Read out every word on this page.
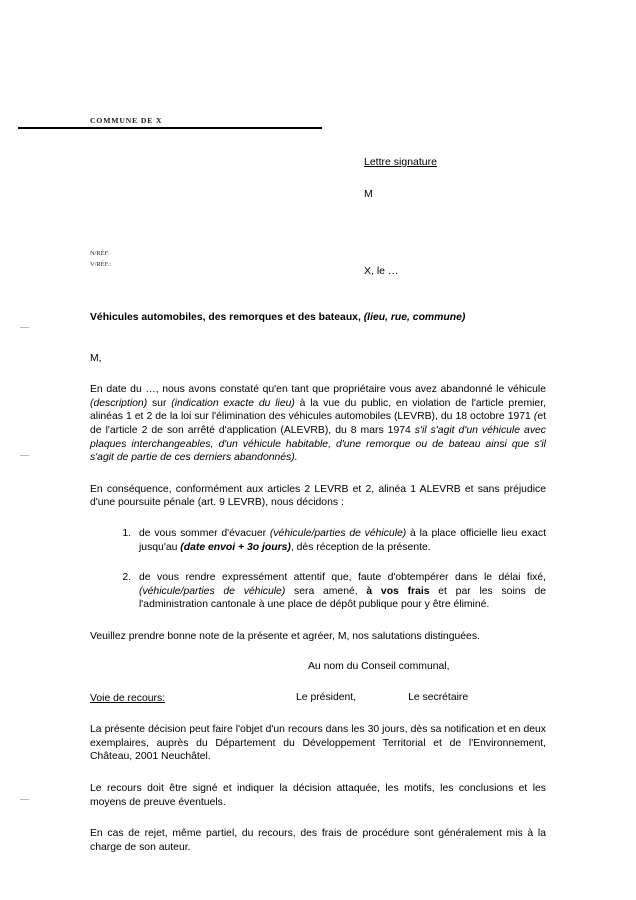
COMMUNE DE X
Lettre signature
M
X, le …
N/RÉF.
V/RÉF.:
Véhicules automobiles, des remorques et des bateaux, (lieu, rue, commune)
M,

En date du …, nous avons constaté qu'en tant que propriétaire vous avez abandonné le véhicule (description) sur (indication exacte du lieu) à la vue du public, en violation de l'article premier, alinéas 1 et 2 de la loi sur l'élimination des véhicules automobiles (LEVRB), du 18 octobre 1971 (et de l'article 2 de son arrêté d'application (ALEVRB), du 8 mars 1974 s'il s'agit d'un véhicule avec plaques interchangeables, d'un véhicule habitable, d'une remorque ou de bateau ainsi que s'il s'agit de partie de ces derniers abandonnés).

En conséquence, conformément aux articles 2 LEVRB et 2, alinéa 1 ALEVRB et sans préjudice d'une poursuite pénale (art. 9 LEVRB), nous décidons :

1. de vous sommer d'évacuer (véhicule/parties de véhicule) à la place officielle lieu exact jusqu'au (date envoi + 3o jours), dès réception de la présente.
2. de vous rendre expressément attentif que, faute d'obtempérer dans le délai fixé, (véhicule/parties de véhicule) sera amené, à vos frais et par les soins de l'administration cantonale à une place de dépôt publique pour y être éliminé.
Veuillez prendre bonne note de la présente et agréer, M, nos salutations distinguées.
Au nom du Conseil communal,
Le président,	Le secrétaire
Voie de recours:

La présente décision peut faire l'objet d'un recours dans les 30 jours, dès sa notification et en deux exemplaires, auprès du Département du Développement Territorial et de l'Environnement, Château, 2001 Neuchâtel.

Le recours doit être signé et indiquer la décision attaquée, les motifs, les conclusions et les moyens de preuve éventuels.

En cas de rejet, même partiel, du recours, des frais de procédure sont généralement mis à la charge de son auteur.
